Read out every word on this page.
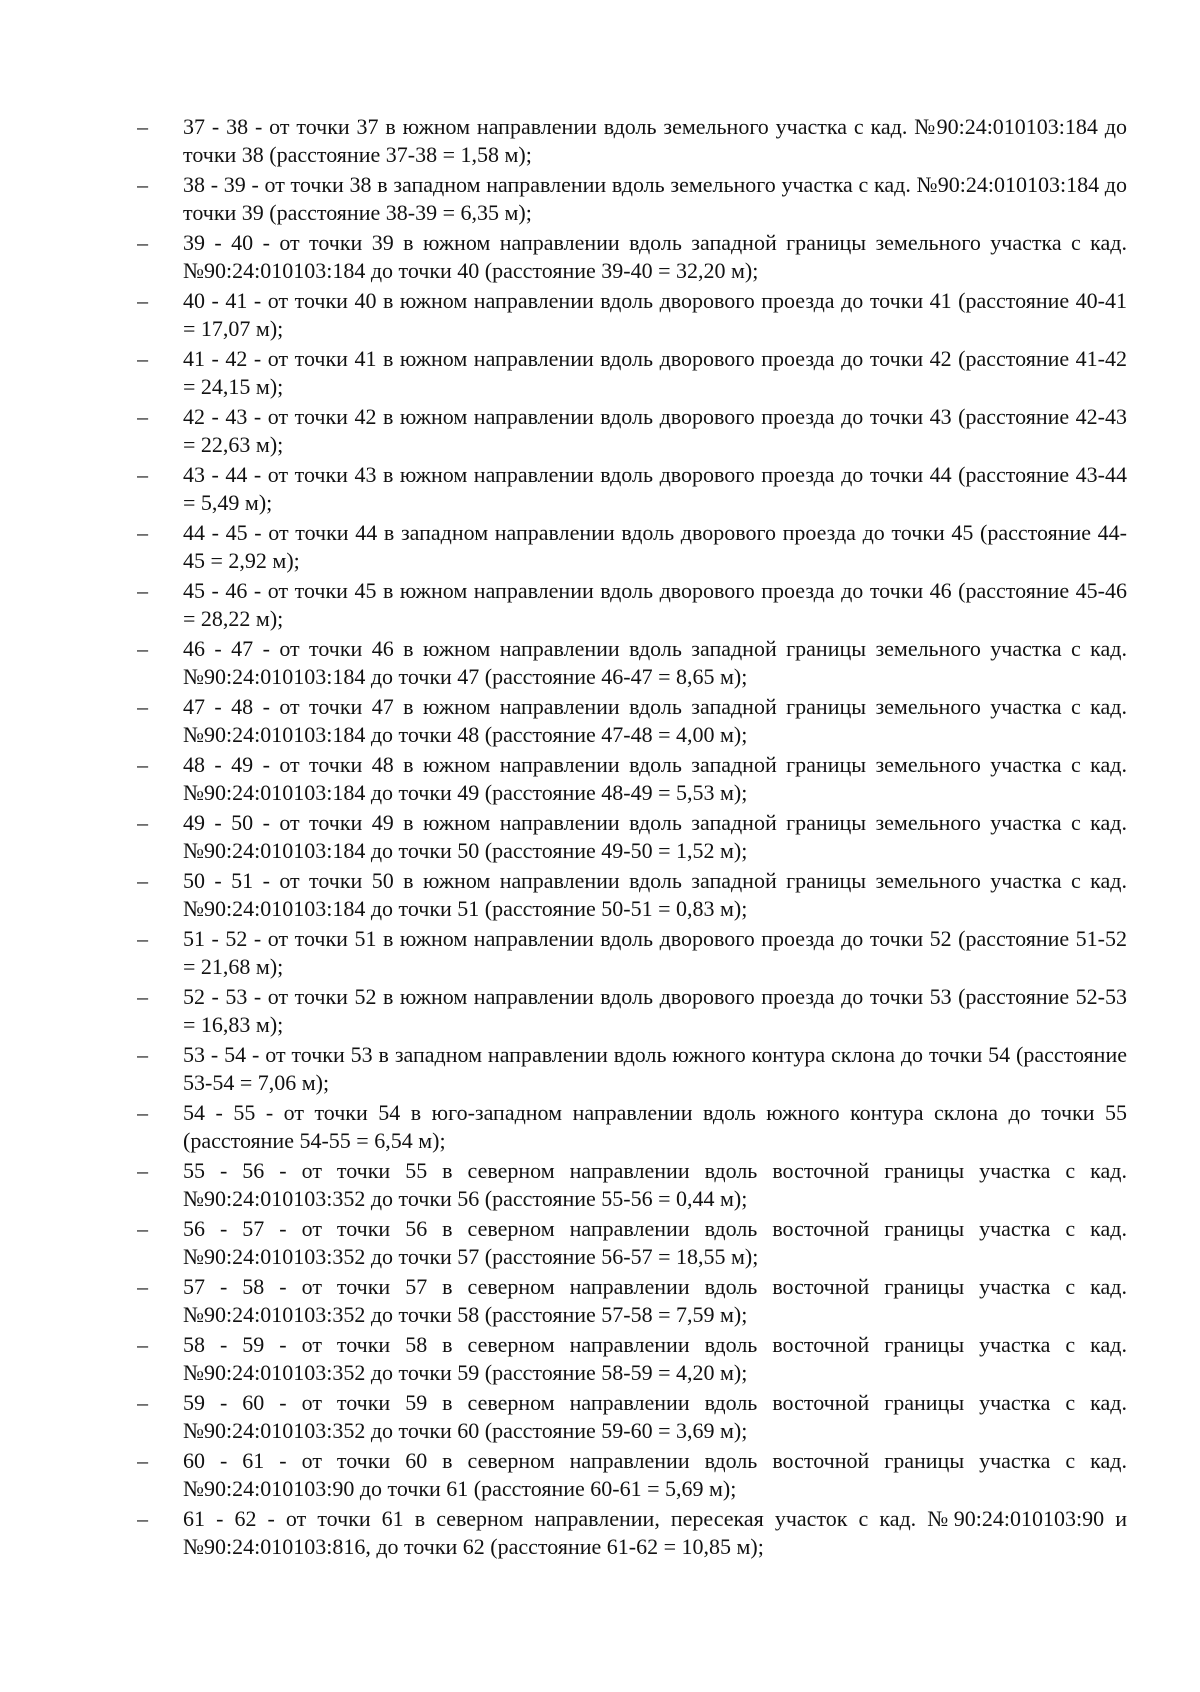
–	37 - 38 - от точки 37 в южном направлении вдоль земельного участка с кад. №90:24:010103:184 до точки 38 (расстояние 37-38 = 1,58 м);
–	38 - 39 - от точки 38 в западном направлении вдоль земельного участка с кад. №90:24:010103:184 до точки 39 (расстояние 38-39 = 6,35 м);
–	39 - 40 - от точки 39 в южном направлении вдоль западной границы земельного участка с кад. №90:24:010103:184 до точки 40 (расстояние 39-40 = 32,20 м);
–	40 - 41 - от точки 40 в южном направлении вдоль дворового проезда до точки 41 (расстояние 40-41 = 17,07 м);
–	41 - 42 - от точки 41 в южном направлении вдоль дворового проезда до точки 42 (расстояние 41-42 = 24,15 м);
–	42 - 43 - от точки 42 в южном направлении вдоль дворового проезда до точки 43 (расстояние 42-43 = 22,63 м);
–	43 - 44 - от точки 43 в южном направлении вдоль дворового проезда до точки 44 (расстояние 43-44 = 5,49 м);
–	44 - 45 - от точки 44 в западном направлении вдоль дворового проезда до точки 45 (расстояние 44-45 = 2,92 м);
–	45 - 46 - от точки 45 в южном направлении вдоль дворового проезда до точки 46 (расстояние 45-46 = 28,22 м);
–	46 - 47 - от точки 46 в южном направлении вдоль западной границы земельного участка с кад. №90:24:010103:184 до точки 47 (расстояние 46-47 = 8,65 м);
–	47 - 48 - от точки 47 в южном направлении вдоль западной границы земельного участка с кад. №90:24:010103:184 до точки 48 (расстояние 47-48 = 4,00 м);
–	48 - 49 - от точки 48 в южном направлении вдоль западной границы земельного участка с кад. №90:24:010103:184 до точки 49 (расстояние 48-49 = 5,53 м);
–	49 - 50 - от точки 49 в южном направлении вдоль западной границы земельного участка с кад. №90:24:010103:184 до точки 50 (расстояние 49-50 = 1,52 м);
–	50 - 51 - от точки 50 в южном направлении вдоль западной границы земельного участка с кад. №90:24:010103:184 до точки 51 (расстояние 50-51 = 0,83 м);
–	51 - 52 - от точки 51 в южном направлении вдоль дворового проезда до точки 52 (расстояние 51-52 = 21,68 м);
–	52 - 53 - от точки 52 в южном направлении вдоль дворового проезда до точки 53 (расстояние 52-53 = 16,83 м);
–	53 - 54 - от точки 53 в западном направлении вдоль южного контура склона до точки 54 (расстояние 53-54 = 7,06 м);
–	54 - 55 - от точки 54 в юго-западном направлении вдоль южного контура склона до точки 55 (расстояние 54-55 = 6,54 м);
–	55 - 56 - от точки 55 в северном направлении вдоль восточной границы участка с кад. №90:24:010103:352 до точки 56 (расстояние 55-56 = 0,44 м);
–	56 - 57 - от точки 56 в северном направлении вдоль восточной границы участка с кад. №90:24:010103:352 до точки 57 (расстояние 56-57 = 18,55 м);
–	57 - 58 - от точки 57 в северном направлении вдоль восточной границы участка с кад. №90:24:010103:352 до точки 58 (расстояние 57-58 = 7,59 м);
–	58 - 59 - от точки 58 в северном направлении вдоль восточной границы участка с кад. №90:24:010103:352 до точки 59 (расстояние 58-59 = 4,20 м);
–	59 - 60 - от точки 59 в северном направлении вдоль восточной границы участка с кад. №90:24:010103:352 до точки 60 (расстояние 59-60 = 3,69 м);
–	60 - 61 - от точки 60 в северном направлении вдоль восточной границы участка с кад. №90:24:010103:90 до точки 61 (расстояние 60-61 = 5,69 м);
–	61 - 62 - от точки 61 в северном направлении, пересекая участок с кад. №90:24:010103:90 и №90:24:010103:816, до точки 62 (расстояние 61-62 = 10,85 м);
